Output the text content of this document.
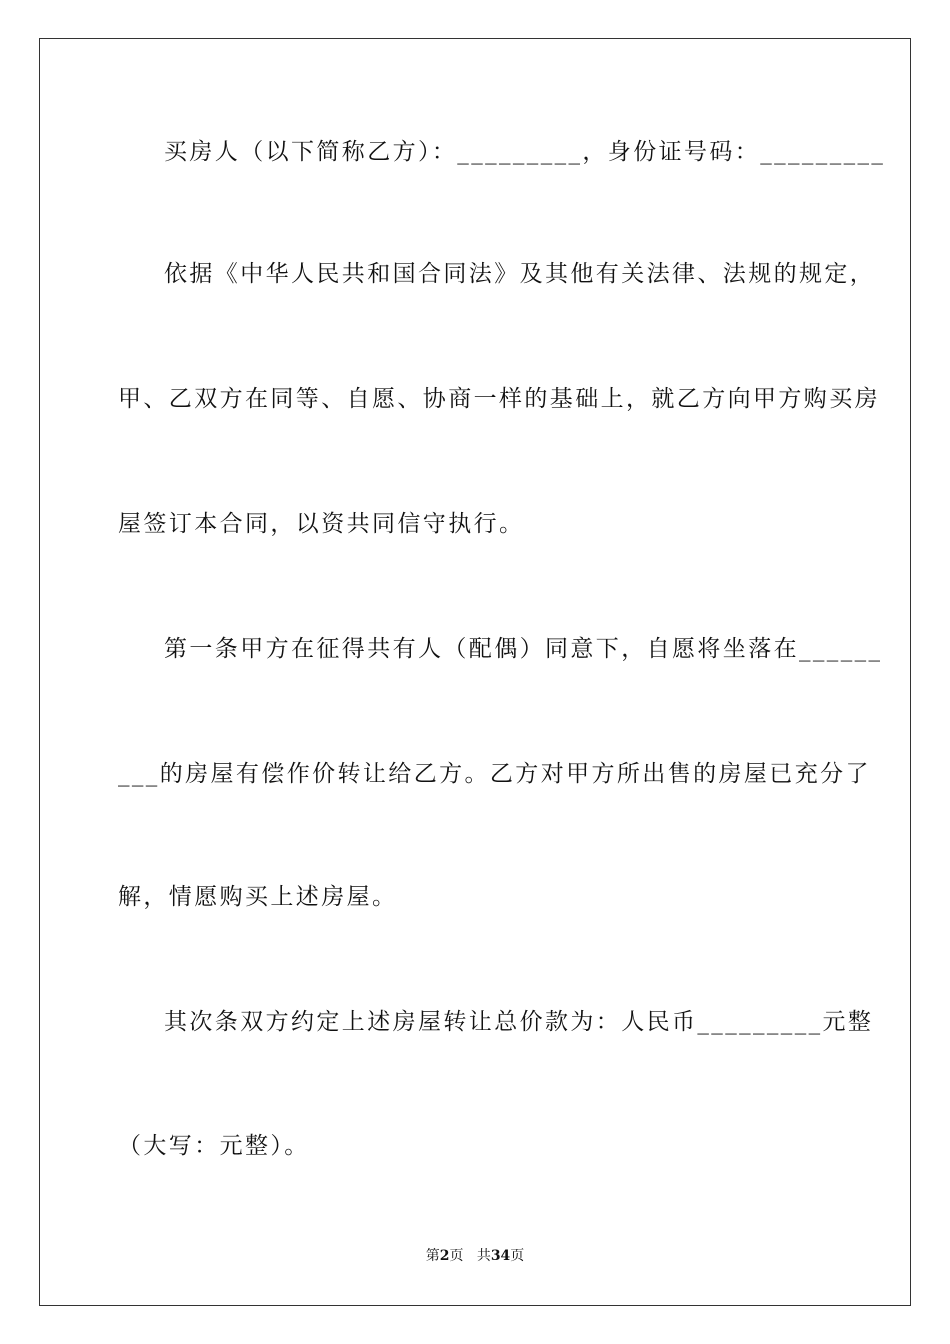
买房人（以下简称乙方）：_________，身份证号码：_________
依据《中华人民共和国合同法》及其他有关法律、法规的规定，
甲、乙双方在同等、自愿、协商一样的基础上，就乙方向甲方购买房
屋签订本合同，以资共同信守执行。
第一条甲方在征得共有人（配偶）同意下，自愿将坐落在______
___的房屋有偿作价转让给乙方。乙方对甲方所出售的房屋已充分了
解，情愿购买上述房屋。
其次条双方约定上述房屋转让总价款为：人民币_________元整
（大写：元整）。
第2页 共34页
